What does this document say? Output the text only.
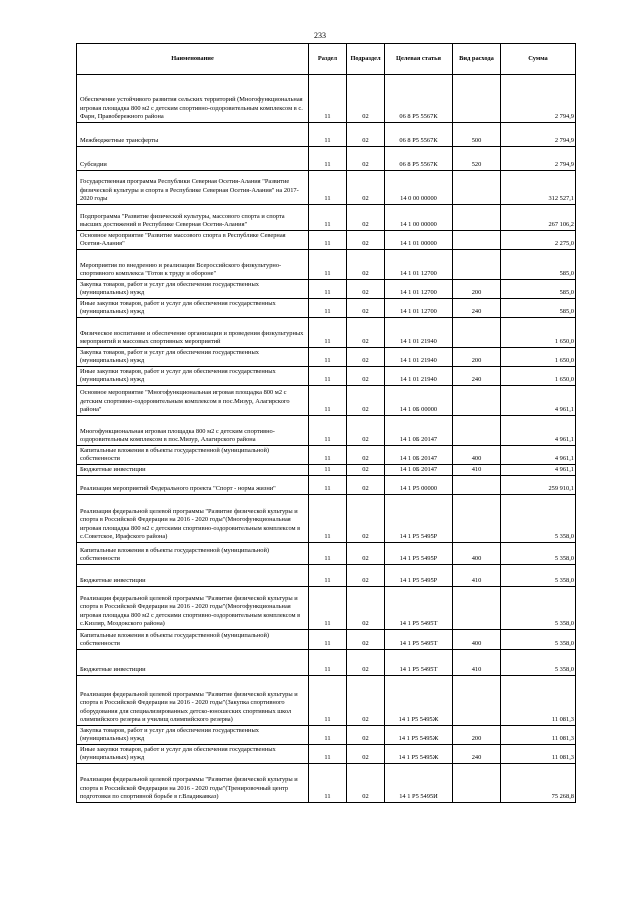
233
Наименование	Раздел	Подраздел	Целевая статья	Вид расхода	Сумма
Обеспечение устойчивого развития сельских территорий (Многофункциональная игровая площадка 800 м2 с детским спортивно-оздоровительным комплексом в с. Фарн, Правобережного района	11	02	06 8 P5 5567К		2 794,9
Межбюджетные трансферты	11	02	06 8 P5 5567К	500	2 794,9
Субсидии	11	02	06 8 P5 5567К	520	2 794,9
Государственная программа Республики Северная Осетия-Алания "Развитие физической культуры и спорта в Республике Северная Осетия-Алания" на 2017-2020 годы	11	02	14 0 00 00000		312 527,1
Подпрограмма "Развитие физической культуры, массового спорта и спорта высших достижений в Республике Северная Осетия-Алания"	11	02	14 1 00 00000		267 106,2
Основное мероприятие "Развитие массового спорта в Республике Северная Осетия-Алания"	11	02	14 1 01 00000		2 275,0
Мероприятия по внедрению и реализации Всероссийского физкультурно-спортивного комплекса "Готов к труду и обороне"	11	02	14 1 01 12700		585,0
Закупка товаров, работ и услуг для обеспечения государственных (муниципальных) нужд	11	02	14 1 01 12700	200	585,0
Иные закупки товаров, работ и услуг для обеспечения государственных (муниципальных) нужд	11	02	14 1 01 12700	240	585,0
Физическое воспитание и обеспечение организации и проведения физкультурных мероприятий и массовых спортивных мероприятий	11	02	14 1 01 21940		1 650,0
Закупка товаров, работ и услуг для обеспечения государственных (муниципальных) нужд	11	02	14 1 01 21940	200	1 650,0
Иные закупки товаров, работ и услуг для обеспечения государственных (муниципальных) нужд	11	02	14 1 01 21940	240	1 650,0
Основное мероприятие "Многофункциональная игровая площадка 800 м2 с детским спортивно-оздоровительным комплексом в пос.Мизур, Алагирского района"	11	02	14 1 0Б 00000		4 961,1
Многофункциональная игровая площадка 800 м2 с детским спортивно-оздоровительным комплексом в пос.Мизур, Алагирского района	11	02	14 1 0Б 20147		4 961,1
Капитальные вложения в объекты государственной (муниципальной) собственности	11	02	14 1 0Б 20147	400	4 961,1
Бюджетные инвестиции	11	02	14 1 0Б 20147	410	4 961,1
Реализация мероприятий Федерального проекта "Спорт - норма жизни"	11	02	14 1 P5 00000		259 910,1
Реализация федеральной целевой программы "Развитие физической культуры и спорта в Российской Федерации на 2016 - 2020 годы"(Многофункциональная игровая площадка 800 м2 с детскими спортивно-оздоровительным комплексом в с.Советское, Ирафского района)	11	02	14 1 P5 5495Р		5 358,0
Капитальные вложения в объекты государственной (муниципальной) собственности	11	02	14 1 P5 5495Р	400	5 358,0
Бюджетные инвестиции	11	02	14 1 P5 5495Р	410	5 358,0
Реализация федеральной целевой программы "Развитие физической культуры и спорта в Российской Федерации на 2016 - 2020 годы"(Многофункциональная игровая площадка 800 м2 с детскими спортивно-оздоровительным комплексом в с.Кизляр, Моздокского района)	11	02	14 1 P5 5495Т		5 358,0
Капитальные вложения в объекты государственной (муниципальной) собственности	11	02	14 1 P5 5495Т	400	5 358,0
Бюджетные инвестиции	11	02	14 1 P5 5495Т	410	5 358,0
Реализация федеральной целевой программы "Развитие физической культуры и спорта в Российской Федерации на 2016 - 2020 годы"(Закупка спортивного оборудования для специализированных детско-юношеских спортивных школ олимпийского резерва и училищ олимпийского резерва)	11	02	14 1 P5 5495Ж		11 081,3
Закупка товаров, работ и услуг для обеспечения государственных (муниципальных) нужд	11	02	14 1 P5 5495Ж	200	11 081,3
Иные закупки товаров, работ и услуг для обеспечения государственных (муниципальных) нужд	11	02	14 1 P5 5495Ж	240	11 081,3
Реализация федеральной целевой программы "Развитие физической культуры и спорта в Российской Федерации на 2016 - 2020 годы"(Тренировочный центр подготовки по спортивной борьбе в г.Владикавказ)	11	02	14 1 P5 5495И		75 268,8
